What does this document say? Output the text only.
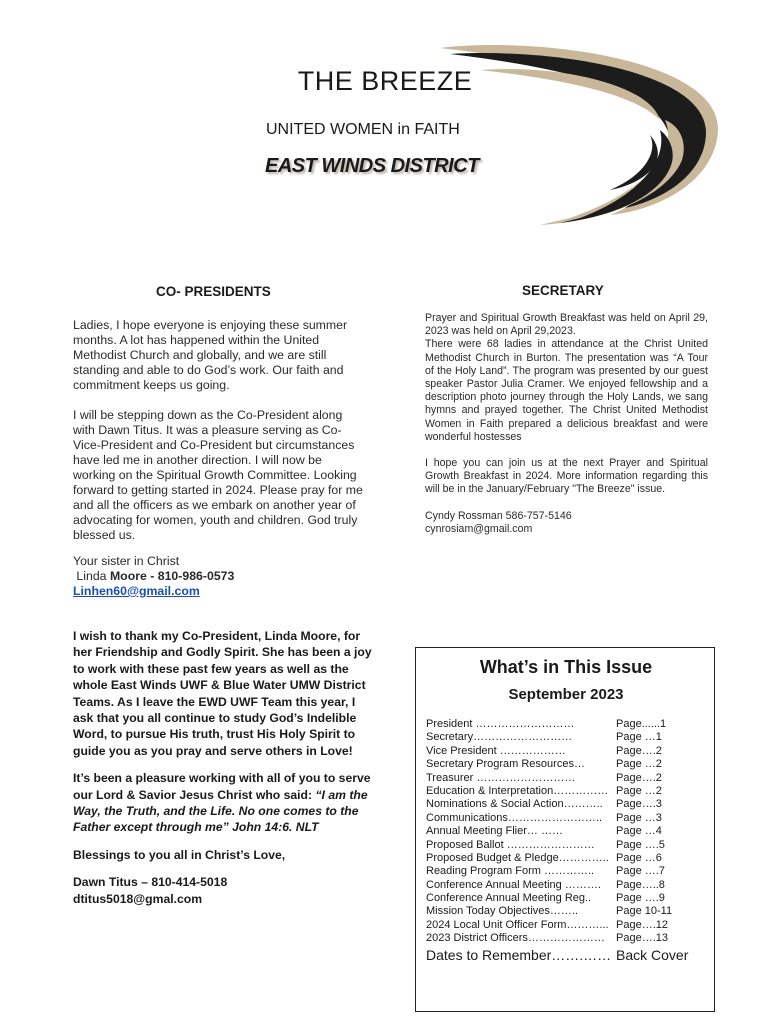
THE BREEZE
UNITED WOMEN in FAITH
EAST WINDS DISTRICT
CO- PRESIDENTS

Ladies, I hope everyone is enjoying these summer months. A lot has happened within the United Methodist Church and globally, and we are still standing and able to do God’s work. Our faith and commitment keeps us going.

I will be stepping down as the Co-President along with Dawn Titus. It was a pleasure serving as Co-Vice-President and Co-President but circumstances have led me in another direction. I will now be working on the Spiritual Growth Committee. Looking forward to getting started in 2024. Please pray for me and all the officers as we embark on another year of advocating for women, youth and children. God truly blessed us.

Your sister in Christ
Linda Moore - 810-986-0573
Linhen60@gmail.com

I wish to thank my Co-President, Linda Moore, for her Friendship and Godly Spirit. She has been a joy to work with these past few years as well as the whole East Winds UWF & Blue Water UMW District Teams. As I leave the EWD UWF Team this year, I ask that you all continue to study God’s Indelible Word, to pursue His truth, trust His Holy Spirit to guide you as you pray and serve others in Love!

It’s been a pleasure working with all of you to serve our Lord & Savior Jesus Christ who said: “I am the Way, the Truth, and the Life. No one comes to the Father except through me” John 14:6. NLT

Blessings to you all in Christ’s Love,

Dawn Titus – 810-414-5018
dtitus5018@gmal.com
SECRETARY
Prayer and Spiritual Growth Breakfast was held on April 29, 2023 was held on April 29,2023.

There were 68 ladies in attendance at the Christ United Methodist Church in Burton. The presentation was “A Tour of the Holy Land”. The program was presented by our guest speaker Pastor Julia Cramer. We enjoyed fellowship and a description photo journey through the Holy Lands, we sang hymns and prayed together. The Christ United Methodist Women in Faith prepared a delicious breakfast and were wonderful hostesses

I hope you can join us at the next Prayer and Spiritual Growth Breakfast in 2024. More information regarding this will be in the January/February "The Breeze" issue.

Cyndy Rossman 586-757-5146
cynrosiam@gmail.com
What’s in This Issue
September 2023
President ………………………	Page......1
Secretary………………………	Page …1
Vice President ………………	Page….2
Secretary Program Resources…	Page …2
Treasurer ………………………	Page….2
Education & Interpretation…………… Page …2
Nominations & Social Action……….. Page….3
Communications…………………….. Page …3
Annual Meeting Flier… ……	Page …4
Proposed Ballot …………………… Page ….5
Proposed Budget & Pledge………….. Page …6
Reading Program Form ………….. Page ….7
Conference Annual Meeting ………. Page…..8
Conference Annual Meeting Reg.. Page ….9
Mission Today Objectives……..	Page 10-11
2024 Local Unit Officer Form………... Page….12
2023 District Officers………………… Page….13
Dates to Remember…….…… Back Cover
